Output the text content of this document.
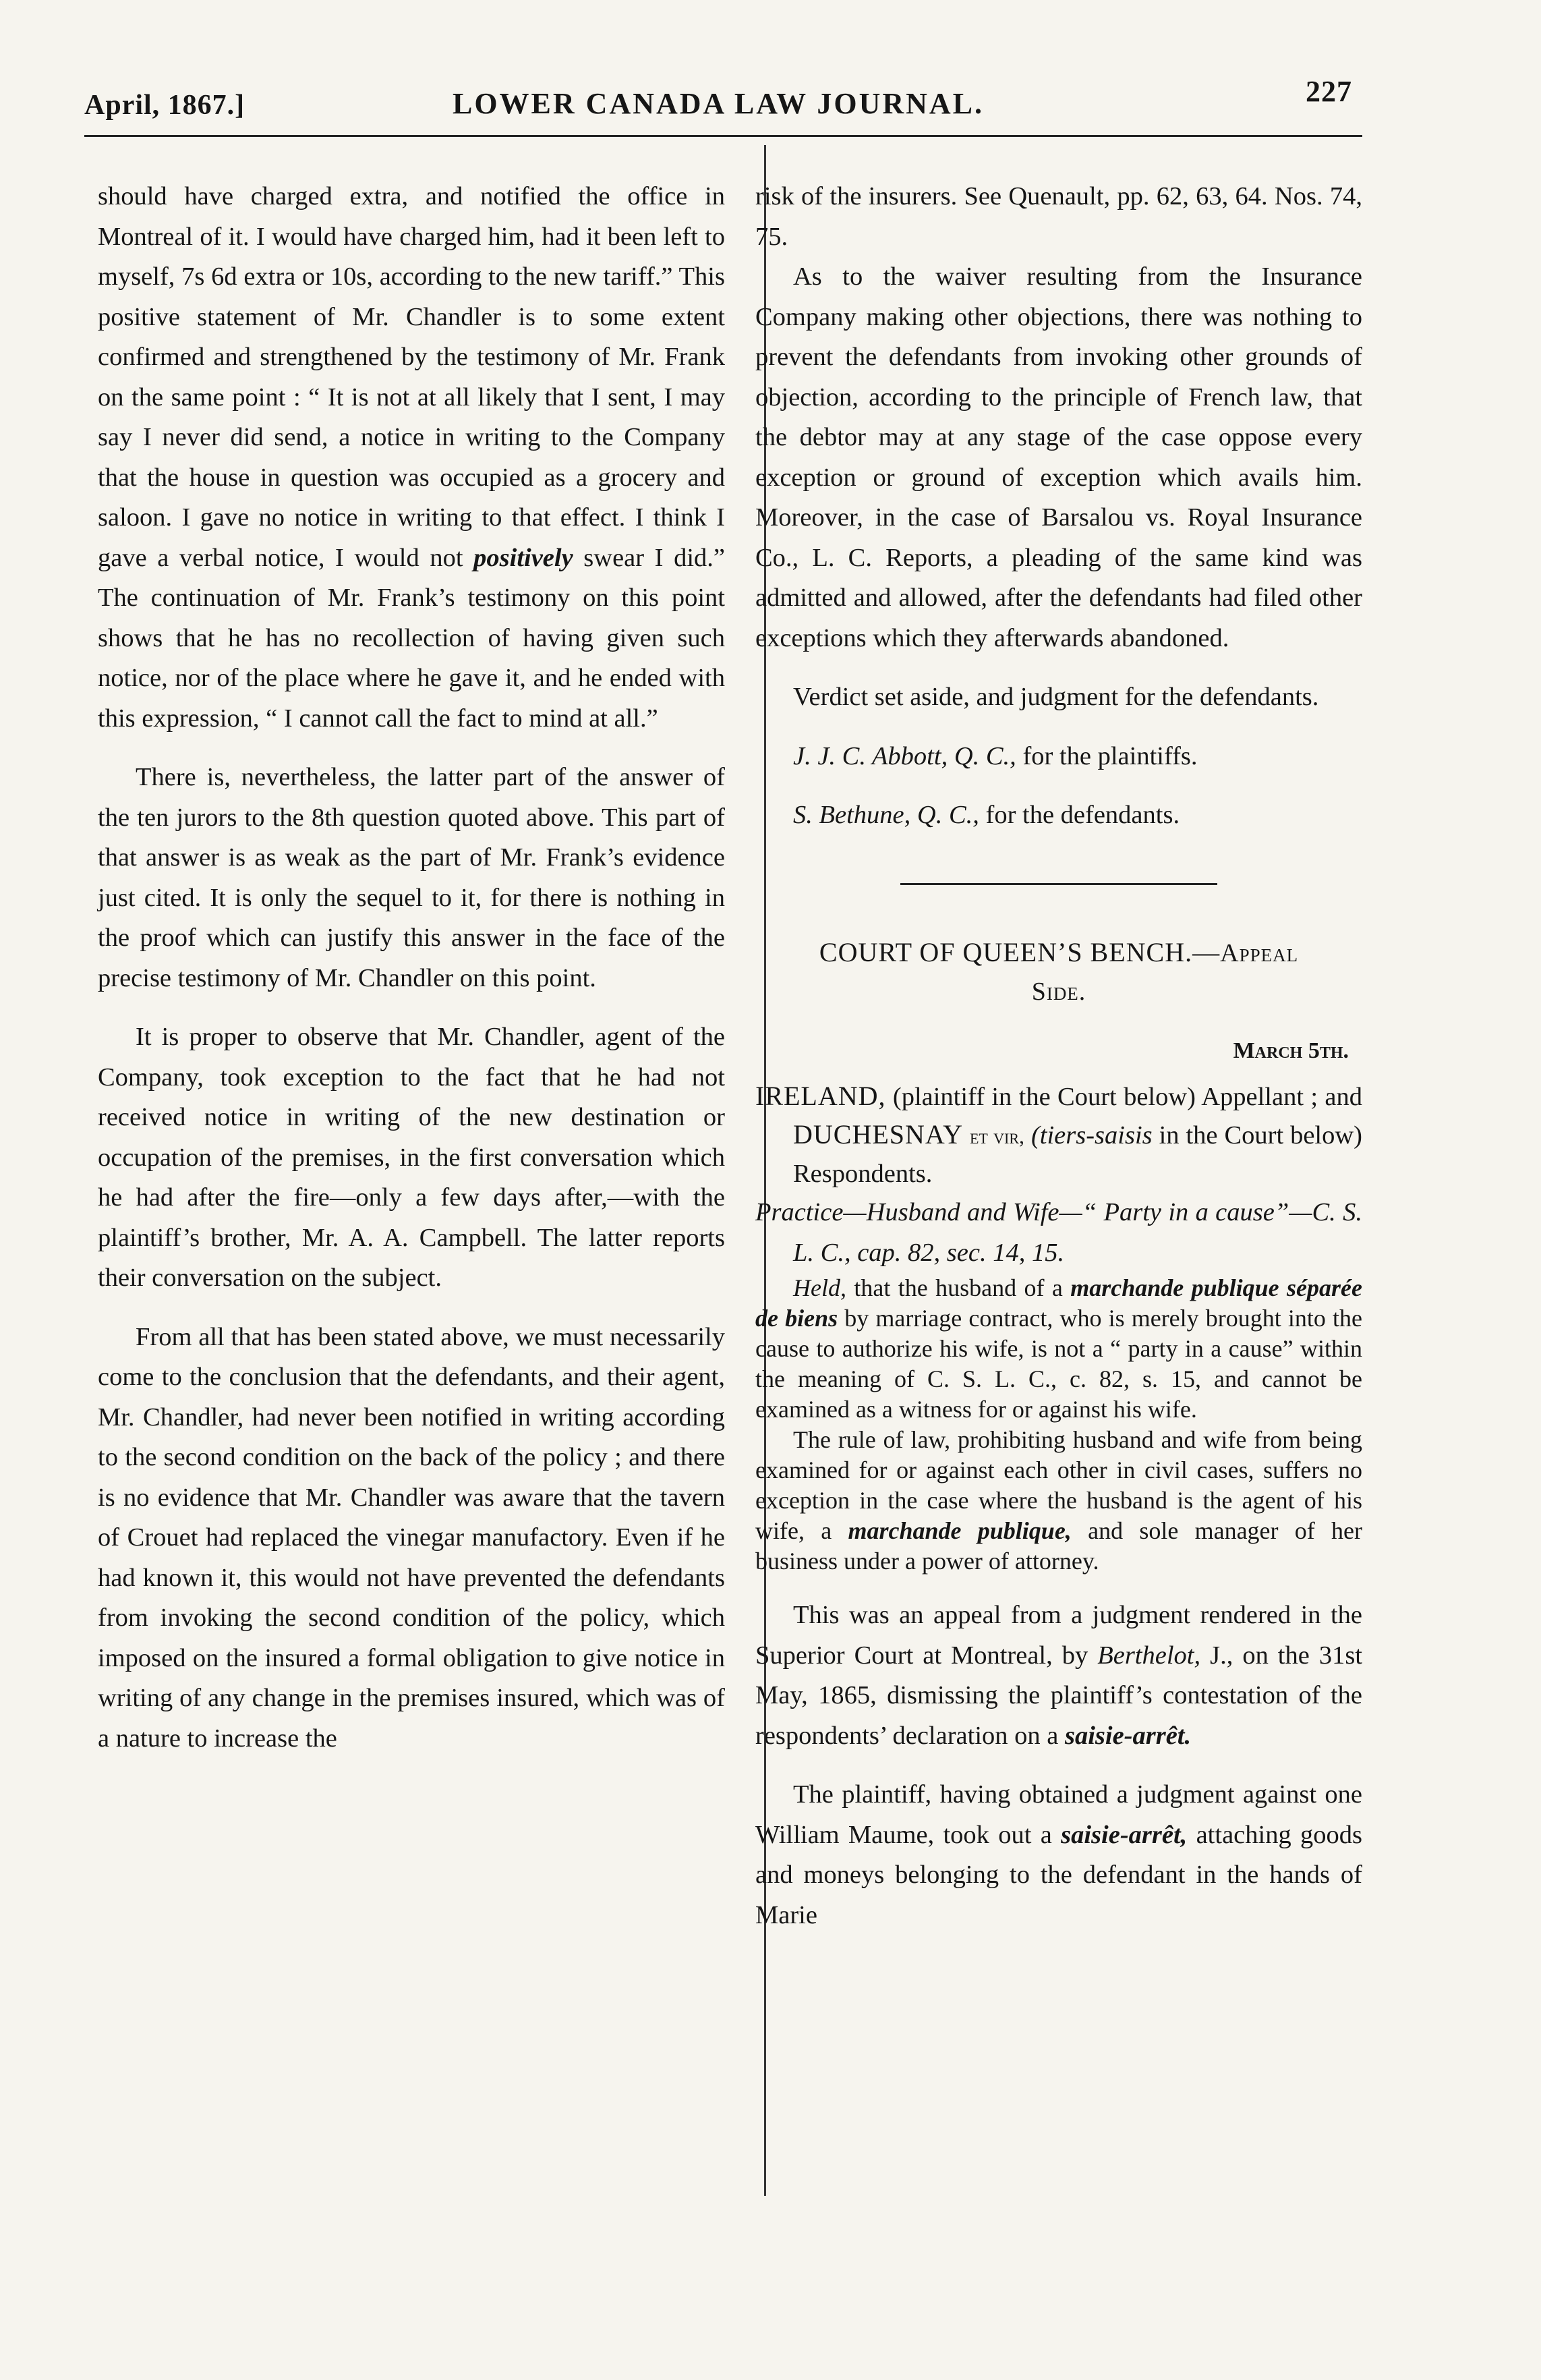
April, 1867.]	LOWER CANADA LAW JOURNAL.	227

should have charged extra, and notified the office in Montreal of it. I would have charged him, had it been left to myself, 7s 6d extra or 10s, according to the new tariff.” This positive statement of Mr. Chandler is to some extent confirmed and strengthened by the testimony of Mr. Frank on the same point : “ It is not at all likely that I sent, I may say I never did send, a notice in writing to the Company that the house in question was occupied as a grocery and saloon. I gave no notice in writing to that effect. I think I gave a verbal notice, I would not positively swear I did.” The continuation of Mr. Frank’s testimony on this point shows that he has no recollection of having given such notice, nor of the place where he gave it, and he ended with this expression, “ I cannot call the fact to mind at all.”

There is, nevertheless, the latter part of the answer of the ten jurors to the 8th question quoted above. This part of that answer is as weak as the part of Mr. Frank’s evidence just cited. It is only the sequel to it, for there is nothing in the proof which can justify this answer in the face of the precise testimony of Mr. Chandler on this point.

It is proper to observe that Mr. Chandler, agent of the Company, took exception to the fact that he had not received notice in writing of the new destination or occupation of the premises, in the first conversation which he had after the fire—only a few days after,—with the plaintiff’s brother, Mr. A. A. Campbell. The latter reports their conversation on the subject.

From all that has been stated above, we must necessarily come to the conclusion that the defendants, and their agent, Mr. Chandler, had never been notified in writing according to the second condition on the back of the policy ; and there is no evidence that Mr. Chandler was aware that the tavern of Crouet had replaced the vinegar manufactory. Even if he had known it, this would not have prevented the defendants from invoking the second condition of the policy, which imposed on the insured a formal obligation to give notice in writing of any change in the premises insured, which was of a nature to increase the

risk of the insurers. See Quenault, pp. 62, 63, 64. Nos. 74, 75.

As to the waiver resulting from the Insurance Company making other objections, there was nothing to prevent the defendants from invoking other grounds of objection, according to the principle of French law, that the debtor may at any stage of the case oppose every exception or ground of exception which avails him. Moreover, in the case of Barsalou vs. Royal Insurance Co., L. C. Reports, a pleading of the same kind was admitted and allowed, after the defendants had filed other exceptions which they afterwards abandoned.

Verdict set aside, and judgment for the defendants.

J. J. C. Abbott, Q. C., for the plaintiffs.

S. Bethune, Q. C., for the defendants.

COURT OF QUEEN’S BENCH.—Appeal
Side.
March 5th.

IRELAND, (plaintiff in the Court below) Appellant ; and DUCHESNAY et vir, (tiers-saisis in the Court below) Respondents.

Practice—Husband and Wife—“ Party in a cause”—C. S. L. C., cap. 82, sec. 14, 15.

Held, that the husband of a marchande publique séparée de biens by marriage contract, who is merely brought into the cause to authorize his wife, is not a “ party in a cause” within the meaning of C. S. L. C., c. 82, s. 15, and cannot be examined as a witness for or against his wife.

The rule of law, prohibiting husband and wife from being examined for or against each other in civil cases, suffers no exception in the case where the husband is the agent of his wife, a marchande publique, and sole manager of her business under a power of attorney.

This was an appeal from a judgment rendered in the Superior Court at Montreal, by Berthelot, J., on the 31st May, 1865, dismissing the plaintiff’s contestation of the respondents’ declaration on a saisie-arrêt.

The plaintiff, having obtained a judgment against one William Maume, took out a saisie-arrêt, attaching goods and moneys belonging to the defendant in the hands of Marie
